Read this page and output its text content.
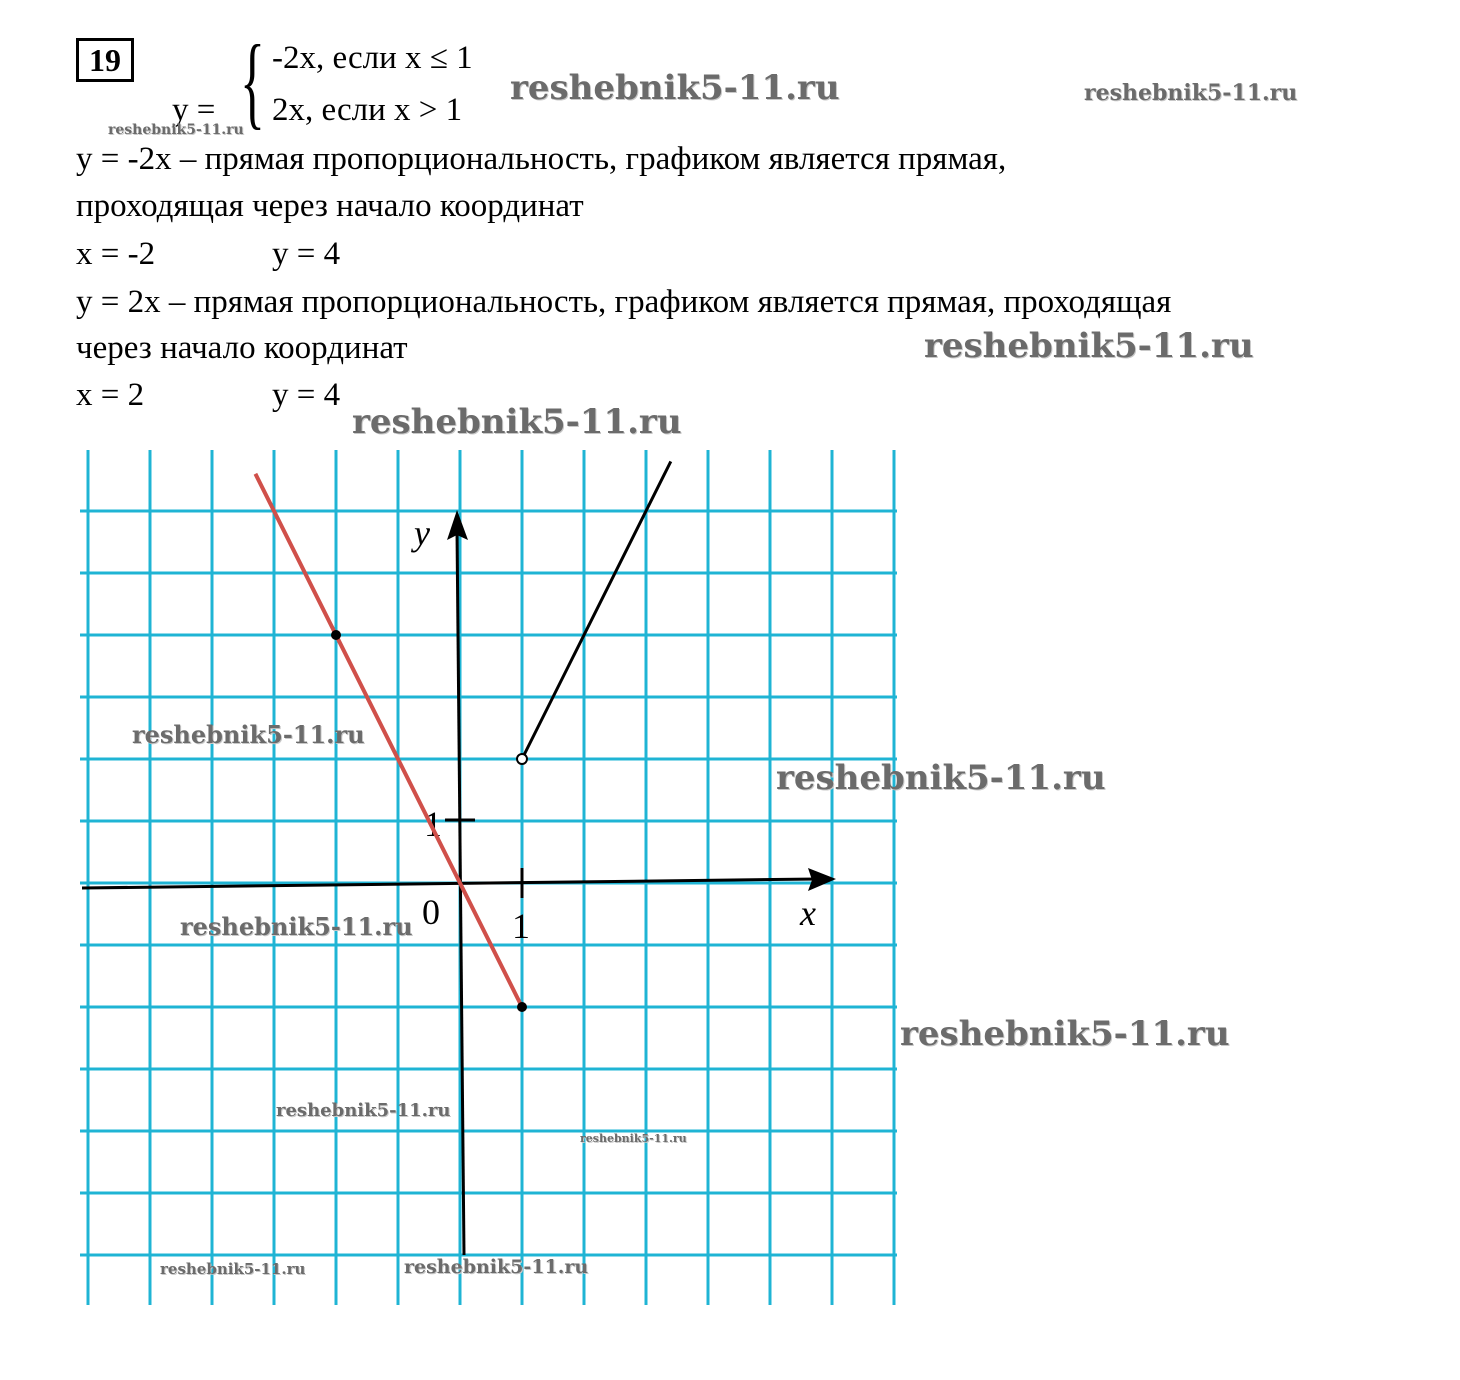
19
y = { -2x, если x ≤ 1
2x, если x > 1
y = -2x – прямая пропорциональность, графиком является прямая,
проходящая через начало координат
x = -2	y = 4
y = 2x – прямая пропорциональность, графиком является прямая, проходящая
через начало координат
x = 2	y = 4
y
x
0 1
1
reshebnik5-11.ru	reshebnik5-11.ru
reshebnik5-11.ru
reshebnik5-11.ru
reshebnik5-11.ru
reshebnik5-11.ru
reshebnik5-11.ru
reshebnik5-11.ru
reshebnik5-11.ru
reshebnik5-11.ru
reshebnik5-11.ru
reshebnik5-11.ru	reshebnik5-11.ru
